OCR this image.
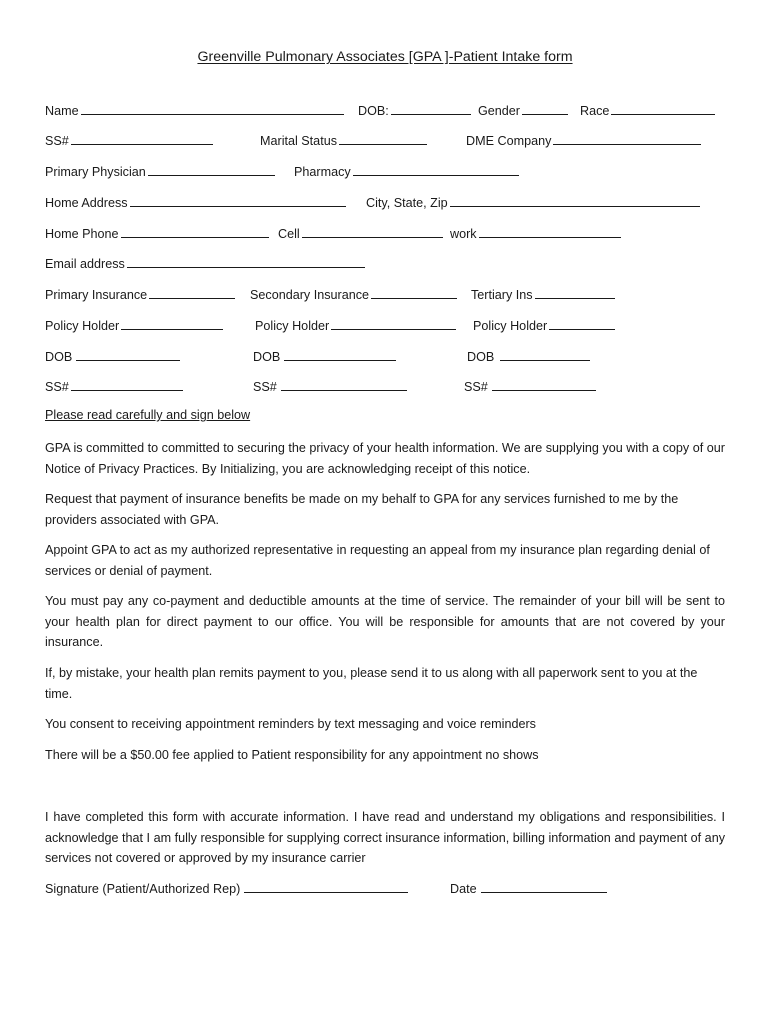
Greenville Pulmonary Associates [GPA ]-Patient Intake form
Name	DOB:	Gender	Race
SS#	Marital Status	DME Company
Primary Physician	Pharmacy
Home Address	City, State, Zip
Home Phone	Cell	work
Email address
Primary Insurance	Secondary Insurance	Tertiary Ins
Policy Holder	Policy Holder	Policy Holder
DOB	DOB	DOB
SS#	SS#	SS#
Please read carefully and sign below

GPA is committed to committed to securing the privacy of your health information. We are supplying you with a copy of our Notice of Privacy Practices. By Initializing, you are acknowledging receipt of this notice.

Request that payment of insurance benefits be made on my behalf to GPA for any services furnished to me by the providers associated with GPA.

Appoint GPA to act as my authorized representative in requesting an appeal from my insurance plan regarding denial of services or denial of payment.

You must pay any co-payment and deductible amounts at the time of service. The remainder of your bill will be sent to your health plan for direct payment to our office. You will be responsible for amounts that are not covered by your insurance.

If, by mistake, your health plan remits payment to you, please send it to us along with all paperwork sent to you at the time.

You consent to receiving appointment reminders by text messaging and voice reminders

There will be a $50.00 fee applied to Patient responsibility for any appointment no shows

I have completed this form with accurate information. I have read and understand my obligations and responsibilities. I acknowledge that I am fully responsible for supplying correct insurance information, billing information and payment of any services not covered or approved by my insurance carrier

Signature (Patient/Authorized Rep)	Date
